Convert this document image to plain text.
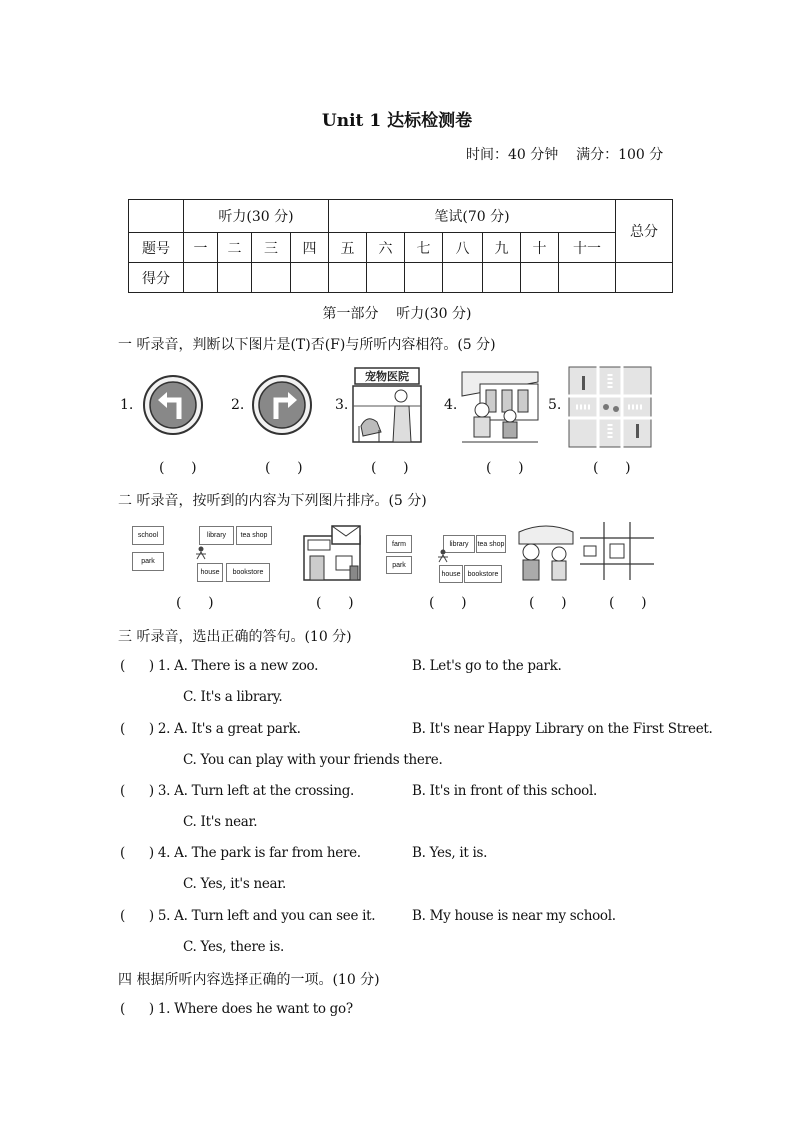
Unit 1 达标检测卷
时间：40 分钟    满分：100 分
	听力(30 分)				笔试(70 分)							总分
题号	一	二	三	四	五	六	七	八	九	十	十一	
得分												
第一部分    听力(30 分)
一 听录音，判断以下图片是(T)否(F)与所听内容相符。(5 分)
1.	2.	3.
宠物医院
4.	5.
(      )	(      )	(      )	(      )	(      )
二 听录音，按听到的内容为下列图片排序。(5 分)
school
park
library	tea shop
house	bookstore
farm
park
library	tea shop
house	bookstore
(      )	(      )	(      )	(      )	(      )
三 听录音，选出正确的答句。(10 分)
(      ) 1. A. There is a new zoo.	B. Let's go to the park.
C. It's a library.
(      ) 2. A. It's a great park.	B. It's near Happy Library on the First Street.
C. You can play with your friends there.
(      ) 3. A. Turn left at the crossing.	B. It's in front of this school.
C. It's near.
(      ) 4. A. The park is far from here.	B. Yes, it is.
C. Yes, it's near.
(      ) 5. A. Turn left and you can see it.	B. My house is near my school.
C. Yes, there is.
四 根据所听内容选择正确的一项。(10 分)
(      ) 1. Where does he want to go?
